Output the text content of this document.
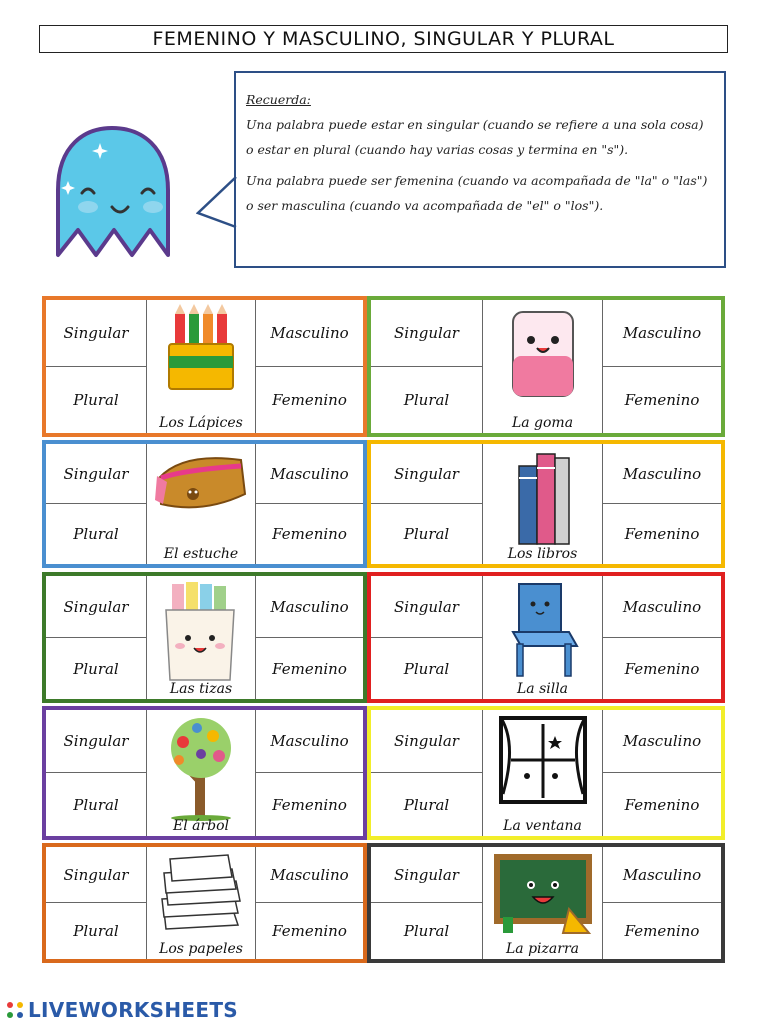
FEMENINO Y MASCULINO, SINGULAR Y PLURAL

Recuerda:

Una palabra puede estar en singular (cuando se refiere a una sola cosa) o estar en plural (cuando hay varias cosas y termina en "s").

Una palabra puede ser femenina (cuando va acompañada de "la" o "las") o ser masculina (cuando va acompañada de "el" o "los").

Singular
Plural
Masculino
Femenino
Los Lápices
Singular
Plural
Masculino
Femenino
La goma
Singular
Plural
Masculino
Femenino
El estuche
Singular
Plural
Masculino
Femenino
Los libros
Singular
Plural
Masculino
Femenino
Las tizas
Singular
Plural
Masculino
Femenino
La silla
Singular
Plural
Masculino
Femenino
El árbol
Singular
Plural
Masculino
Femenino
La ventana
Singular
Plural
Masculino
Femenino
Los papeles
Singular
Plural
Masculino
Femenino
La pizarra
LIVEWORKSHEETS
